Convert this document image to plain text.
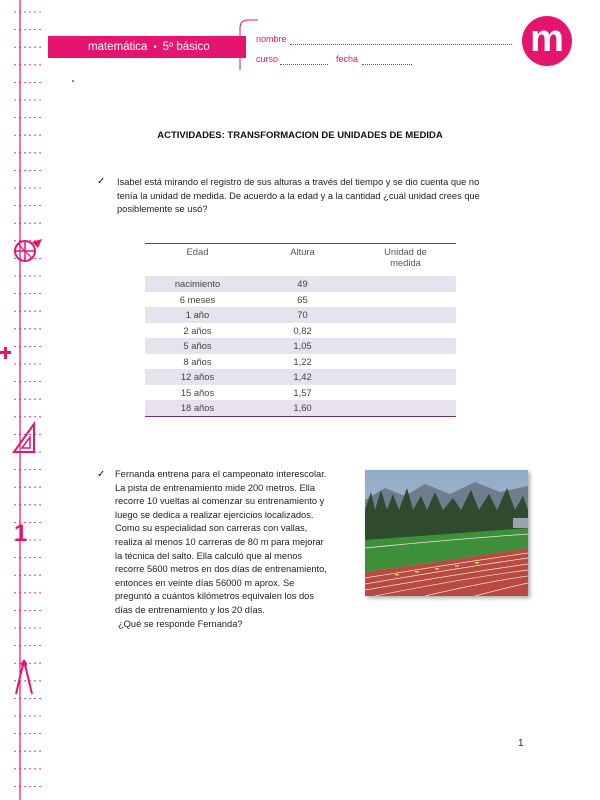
1
matemática • 5º básico
nombre
curso	fecha	m
ACTIVIDADES: TRANSFORMACION DE UNIDADES DE MEDIDA
✓ Isabel está mirando el registro de sus alturas a través del tiempo y se dio cuenta que no
tenía la unidad de medida. De acuerdo a la edad y a la cantidad ¿cuál unidad crees que
posiblemente se usó?
Edad	Altura	Unidad de medida
nacimiento	49	
6 meses	65	
1 año	70	
2 años	0,82	
5 años	1,05	
8 años	1,22	
12 años	1,42	
15 años	1,57	
18 años	1,60	
✓ Fernanda entrena para el campeonato interescolar.
La pista de entrenamiento mide 200 metros. Ella
recorre 10 vueltas al comenzar su entrenamiento y
luego se dedica a realizar ejercicios localizados.
Como su especialidad son carreras con vallas,
realiza al menos 10 carreras de 80 m para mejorar
la técnica del salto. Ella calculó que al menos
recorre 5600 metros en dos días de entrenamiento,
entonces en veinte días 56000 m aprox. Se
preguntó a cuántos kilómetros equivalen los dos
días de entrenamiento y los 20 días.
¿Qué se responde Fernanda?
1
